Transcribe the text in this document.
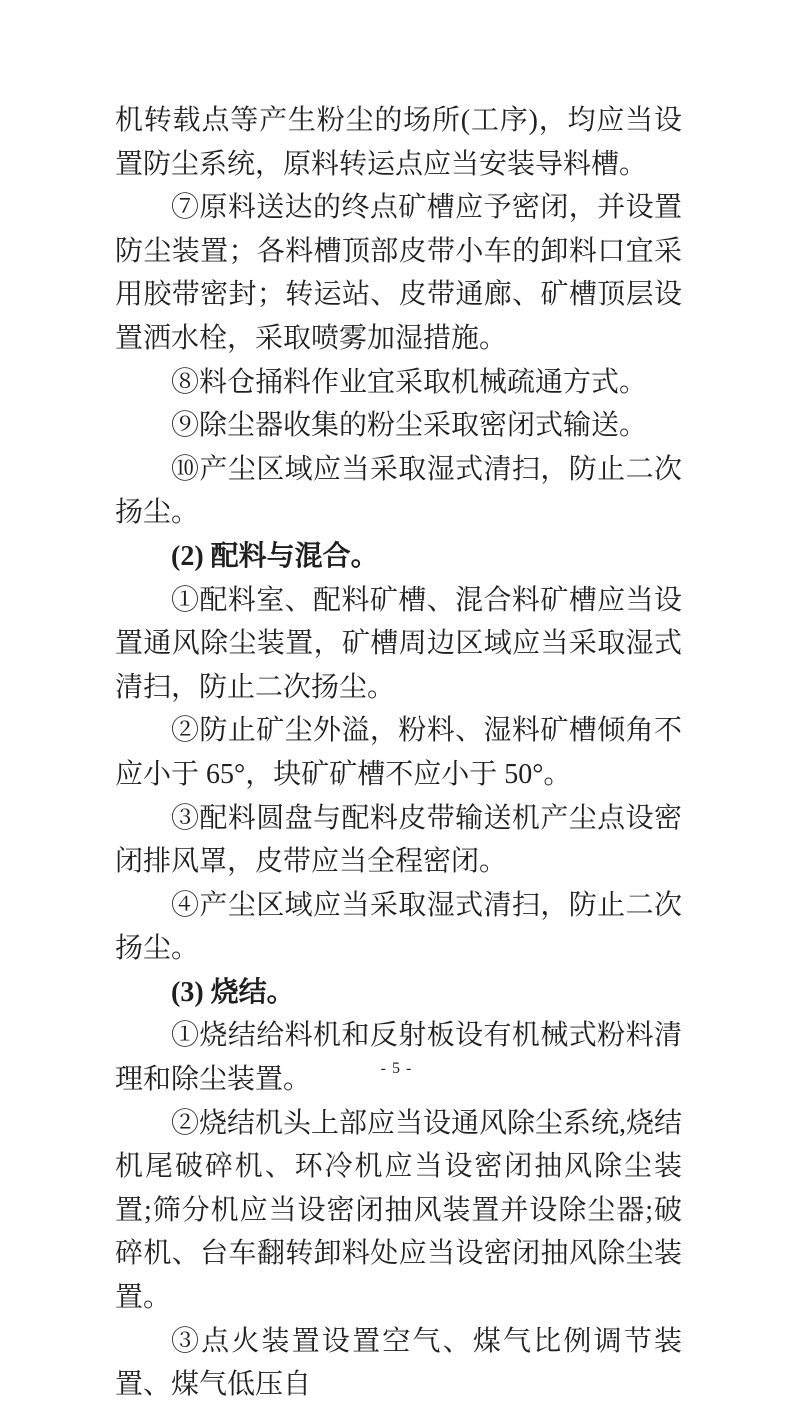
机转载点等产生粉尘的场所(工序)，均应当设置防尘系统，原料转运点应当安装导料槽。

⑦原料送达的终点矿槽应予密闭，并设置防尘装置；各料槽顶部皮带小车的卸料口宜采用胶带密封；转运站、皮带通廊、矿槽顶层设置洒水栓，采取喷雾加湿措施。

⑧料仓捅料作业宜采取机械疏通方式。

⑨除尘器收集的粉尘采取密闭式输送。

⑩产尘区域应当采取湿式清扫，防止二次扬尘。

(2) 配料与混合。

①配料室、配料矿槽、混合料矿槽应当设置通风除尘装置，矿槽周边区域应当采取湿式清扫，防止二次扬尘。

②防止矿尘外溢，粉料、湿料矿槽倾角不应小于 65°，块矿矿槽不应小于 50°。

③配料圆盘与配料皮带输送机产尘点设密闭排风罩，皮带应当全程密闭。

④产尘区域应当采取湿式清扫，防止二次扬尘。

(3) 烧结。

①烧结给料机和反射板设有机械式粉料清理和除尘装置。

②烧结机头上部应当设通风除尘系统,烧结机尾破碎机、环冷机应当设密闭抽风除尘装置;筛分机应当设密闭抽风装置并设除尘器;破碎机、台车翻转卸料处应当设密闭抽风除尘装置。

③点火装置设置空气、煤气比例调节装置、煤气低压自

- 5 -
